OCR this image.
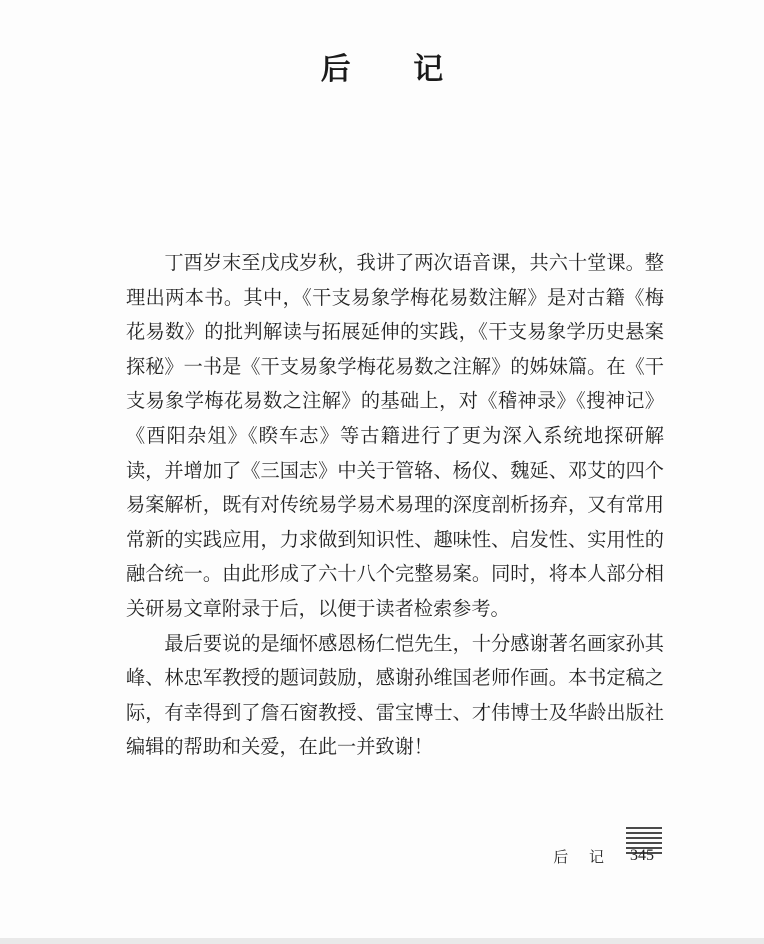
后 记

丁酉岁末至戊戌岁秋，我讲了两次语音课，共六十堂课。整理出两本书。其中，《干支易象学梅花易数注解》是对古籍《梅花易数》的批判解读与拓展延伸的实践，《干支易象学历史悬案探秘》一书是《干支易象学梅花易数之注解》的姊妹篇。在《干支易象学梅花易数之注解》的基础上，对《稽神录》《搜神记》《酉阳杂俎》《睽车志》等古籍进行了更为深入系统地探研解读，并增加了《三国志》中关于管辂、杨仪、魏延、邓艾的四个易案解析，既有对传统易学易术易理的深度剖析扬弃，又有常用常新的实践应用，力求做到知识性、趣味性、启发性、实用性的融合统一。由此形成了六十八个完整易案。同时，将本人部分相关研易文章附录于后，以便于读者检索参考。

最后要说的是缅怀感恩杨仁恺先生，十分感谢著名画家孙其峰、林忠军教授的题词鼓励，感谢孙维国老师作画。本书定稿之际，有幸得到了詹石窗教授、雷宝博士、才伟博士及华龄出版社编辑的帮助和关爱，在此一并致谢！

后 记 345
